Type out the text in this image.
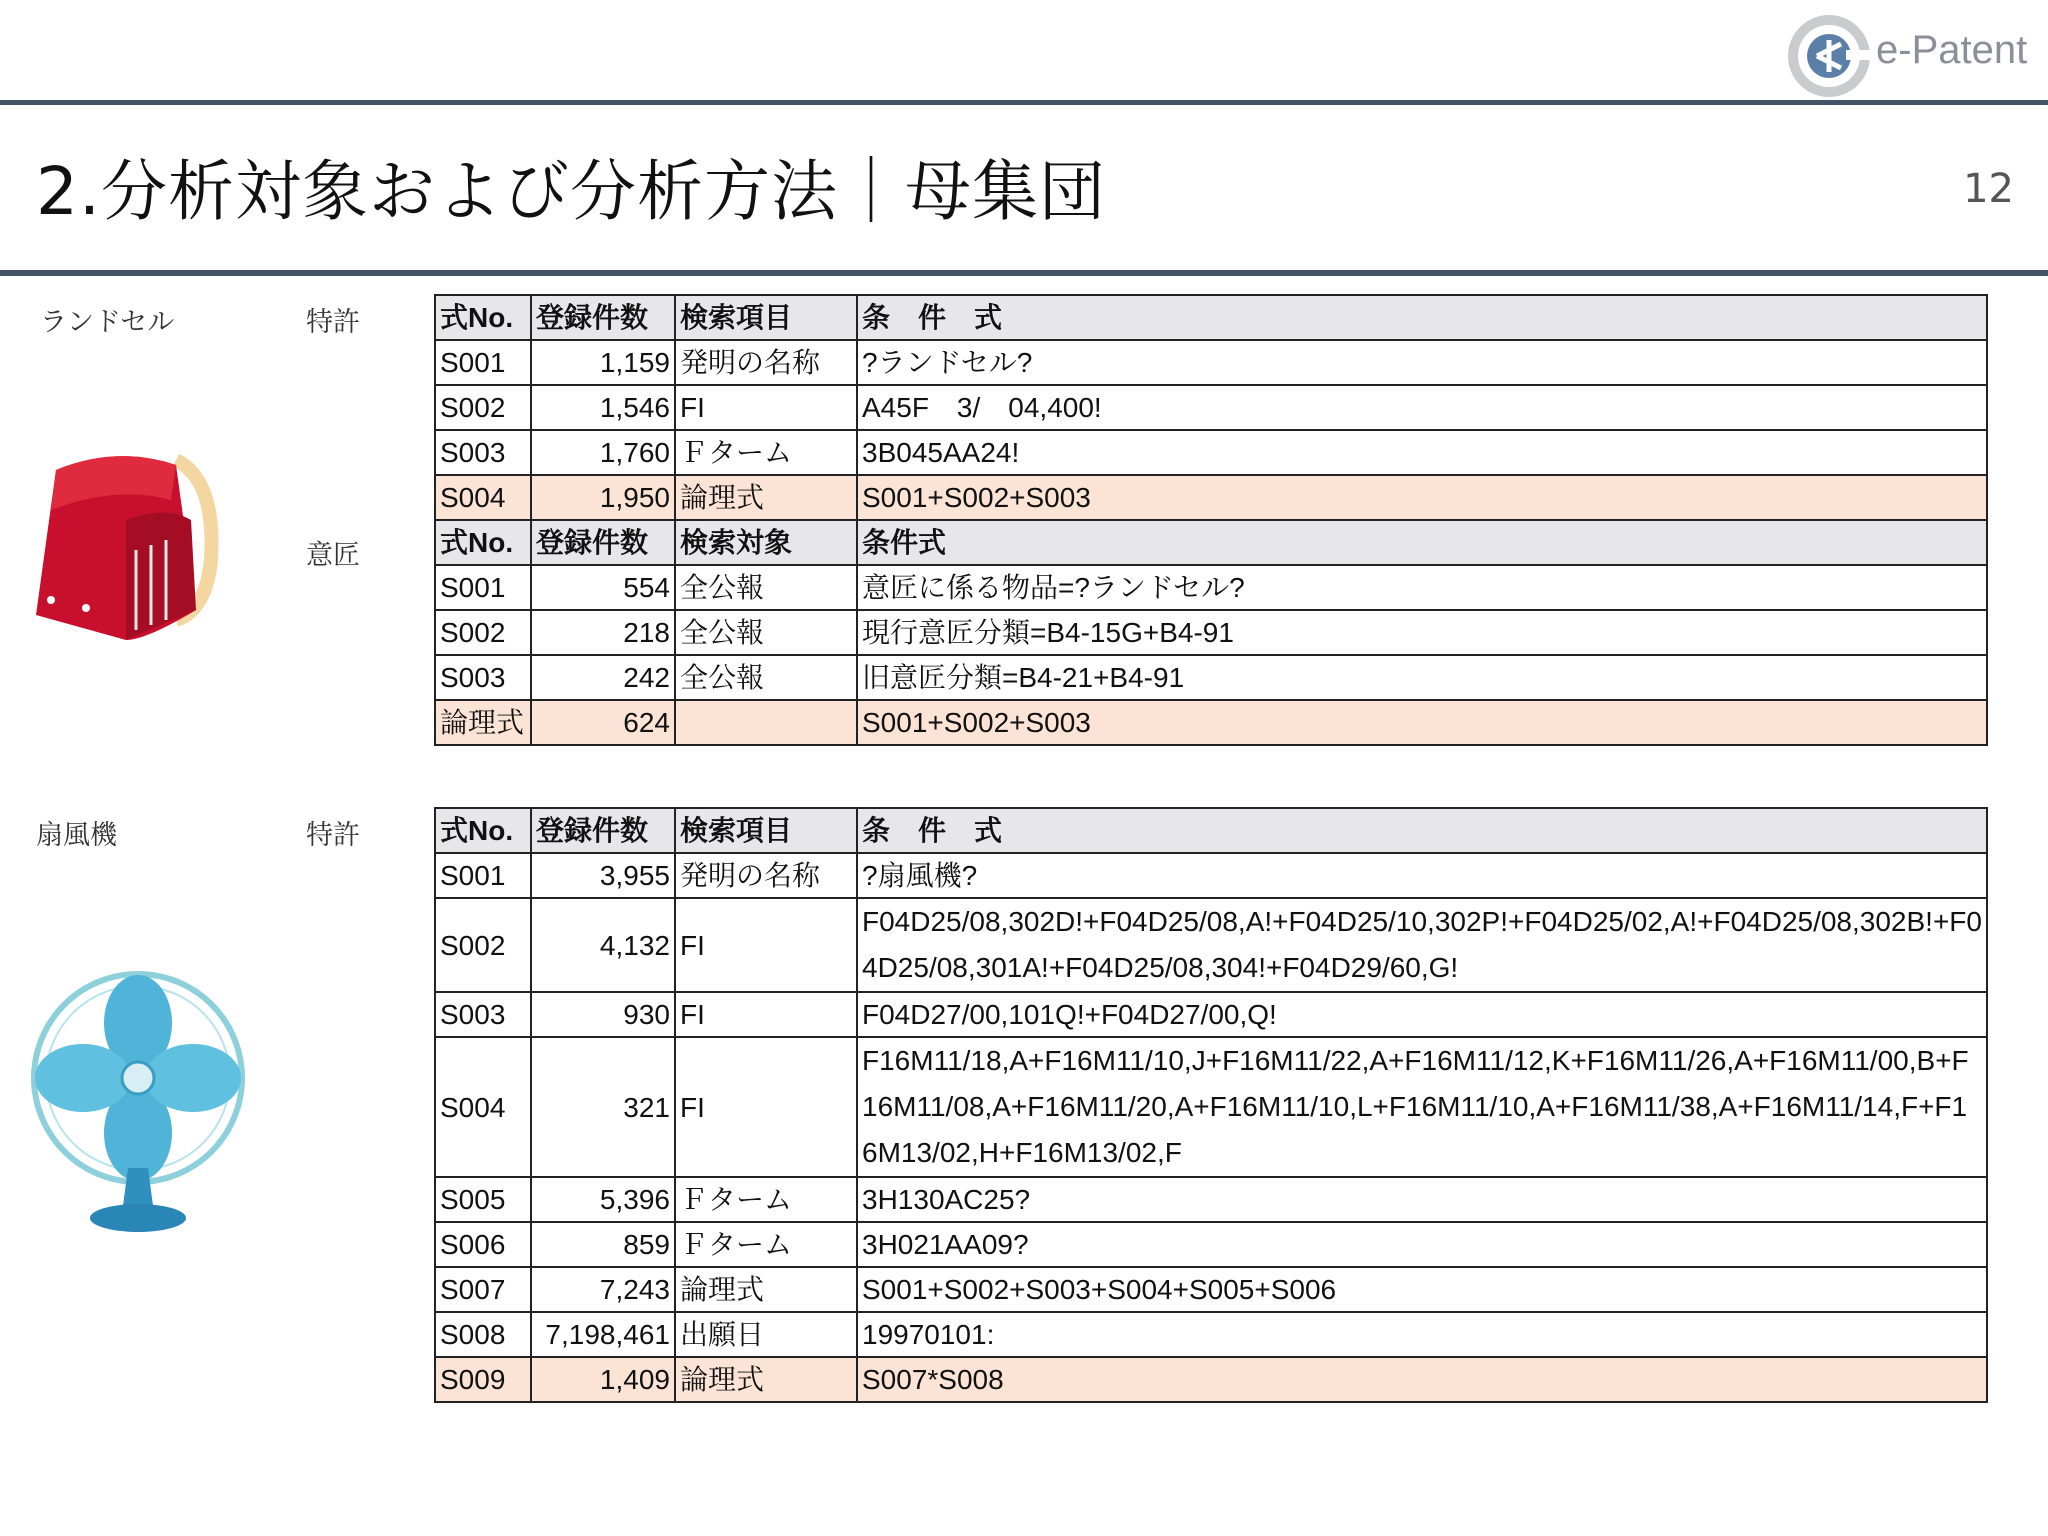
e-Patent
2.分析対象および分析方法｜母集団	12
ランドセル	特許
意匠
式No.	登録件数	検索項目	条　件　式
S001	1,159	発明の名称	?ランドセル?
S002	1,546	FI	A45F　3/　04,400!
S003	1,760	Ｆターム	3B045AA24!
S004	1,950	論理式	S001+S002+S003
式No.	登録件数	検索対象	条件式
S001	554	全公報	意匠に係る物品=?ランドセル?
S002	218	全公報	現行意匠分類=B4-15G+B4-91
S003	242	全公報	旧意匠分類=B4-21+B4-91
論理式	624		S001+S002+S003
扇風機	特許	式No.	登録件数	検索項目	条　件　式
S001	3,955	発明の名称	?扇風機?
S002	4,132	FI	F04D25/08,302D!+F04D25/08,A!+F04D25/10,302P!+F04D25/02,A!+F04D25/08,302B!+F04D25/08,301A!+F04D25/08,304!+F04D29/60,G!
S003	930	FI	F04D27/00,101Q!+F04D27/00,Q!
S004	321	FI	F16M11/18,A+F16M11/10,J+F16M11/22,A+F16M11/12,K+F16M11/26,A+F16M11/00,B+F16M11/08,A+F16M11/20,A+F16M11/10,L+F16M11/10,A+F16M11/38,A+F16M11/14,F+F16M13/02,H+F16M13/02,F
S005	5,396	Ｆターム	3H130AC25?
S006	859	Ｆターム	3H021AA09?
S007	7,243	論理式	S001+S002+S003+S004+S005+S006
S008	7,198,461	出願日	19970101:
S009	1,409	論理式	S007*S008
